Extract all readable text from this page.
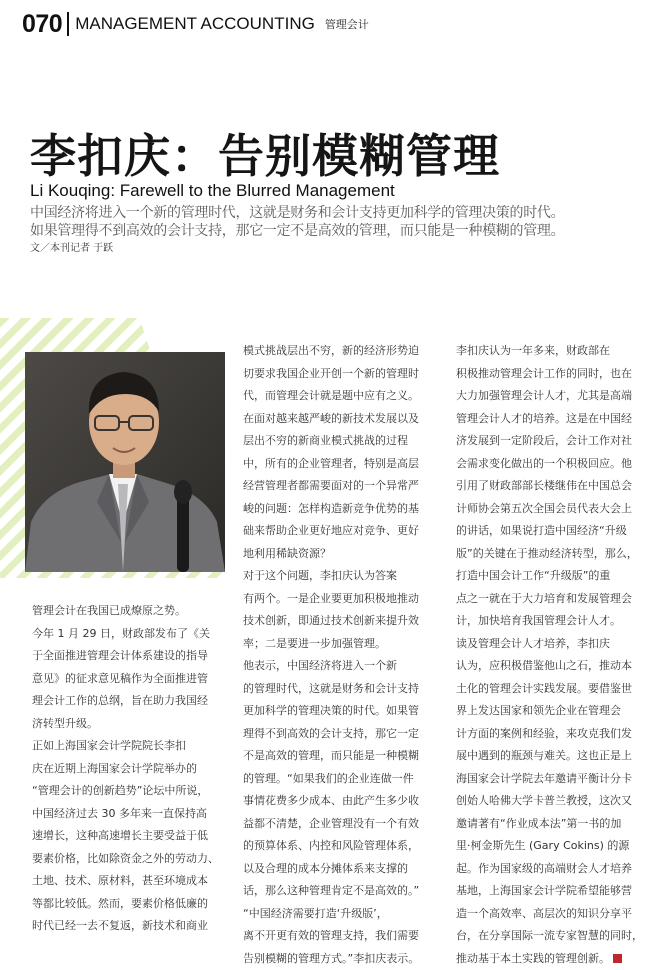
070 MANAGEMENT ACCOUNTING 管理会计
李扣庆：告别模糊管理
Li Kouqing: Farewell to the Blurred Management
中国经济将进入一个新的管理时代，这就是财务和会计支持更加科学的管理决策的时代。
如果管理得不到高效的会计支持，那它一定不是高效的管理，而只能是一种模糊的管理。
文／本刊记者 于跃

管理会计在我国已成燎原之势。

今年 1 月 29 日，财政部发布了《关

于全面推进管理会计体系建设的指导

意见》的征求意见稿作为全面推进管

理会计工作的总纲，旨在助力我国经

济转型升级。

正如上海国家会计学院院长李扣

庆在近期上海国家会计学院举办的

“管理会计的创新趋势”论坛中所说，

中国经济过去 30 多年来一直保持高

速增长，这种高速增长主要受益于低

要素价格，比如除资金之外的劳动力、

土地、技术、原材料，甚至环境成本

等都比较低。然而，要素价格低廉的

时代已经一去不复返，新技术和商业

模式挑战层出不穷，新的经济形势迫

切要求我国企业开创一个新的管理时

代，而管理会计就是题中应有之义。

在面对越来越严峻的新技术发展以及

层出不穷的新商业模式挑战的过程

中，所有的企业管理者，特别是高层

经营管理者都需要面对的一个异常严

峻的问题：怎样构造新竞争优势的基

础来帮助企业更好地应对竞争、更好

地利用稀缺资源？

对于这个问题，李扣庆认为答案

有两个。一是企业要更加积极地推动

技术创新，即通过技术创新来提升效

率；二是要进一步加强管理。

他表示，中国经济将进入一个新

的管理时代，这就是财务和会计支持

更加科学的管理决策的时代。如果管

理得不到高效的会计支持，那它一定

不是高效的管理，而只能是一种模糊

的管理。“如果我们的企业连做一件

事情花费多少成本、由此产生多少收

益都不清楚，企业管理没有一个有效

的预算体系、内控和风险管理体系，

以及合理的成本分摊体系来支撑的

话，那么这种管理肯定不是高效的。”

“中国经济需要打造‘升级版’，

离不开更有效的管理支持，我们需要

告别模糊的管理方式。”李扣庆表示。

李扣庆认为一年多来，财政部在

积极推动管理会计工作的同时，也在

大力加强管理会计人才，尤其是高端

管理会计人才的培养。这是在中国经

济发展到一定阶段后，会计工作对社

会需求变化做出的一个积极回应。他

引用了财政部部长楼继伟在中国总会

计师协会第五次全国会员代表大会上

的讲话，如果说打造中国经济“升级

版”的关键在于推动经济转型，那么，

打造中国会计工作“升级版”的重

点之一就在于大力培育和发展管理会

计，加快培育我国管理会计人才。

读及管理会计人才培养，李扣庆

认为，应积极借鉴他山之石，推动本

土化的管理会计实践发展。要借鉴世

界上发达国家和领先企业在管理会

计方面的案例和经验，来攻克我们发

展中遇到的瓶颈与难关。这也正是上

海国家会计学院去年邀请平衡计分卡

创始人哈佛大学卡普兰教授，这次又

邀请著有“作业成本法”第一书的加

里·柯金斯先生 (Gary Cokins) 的源

起。作为国家级的高端财会人才培养

基地，上海国家会计学院希望能够营

造一个高效率、高层次的知识分享平

台，在分享国际一流专家智慧的同时，

推动基于本土实践的管理创新。
